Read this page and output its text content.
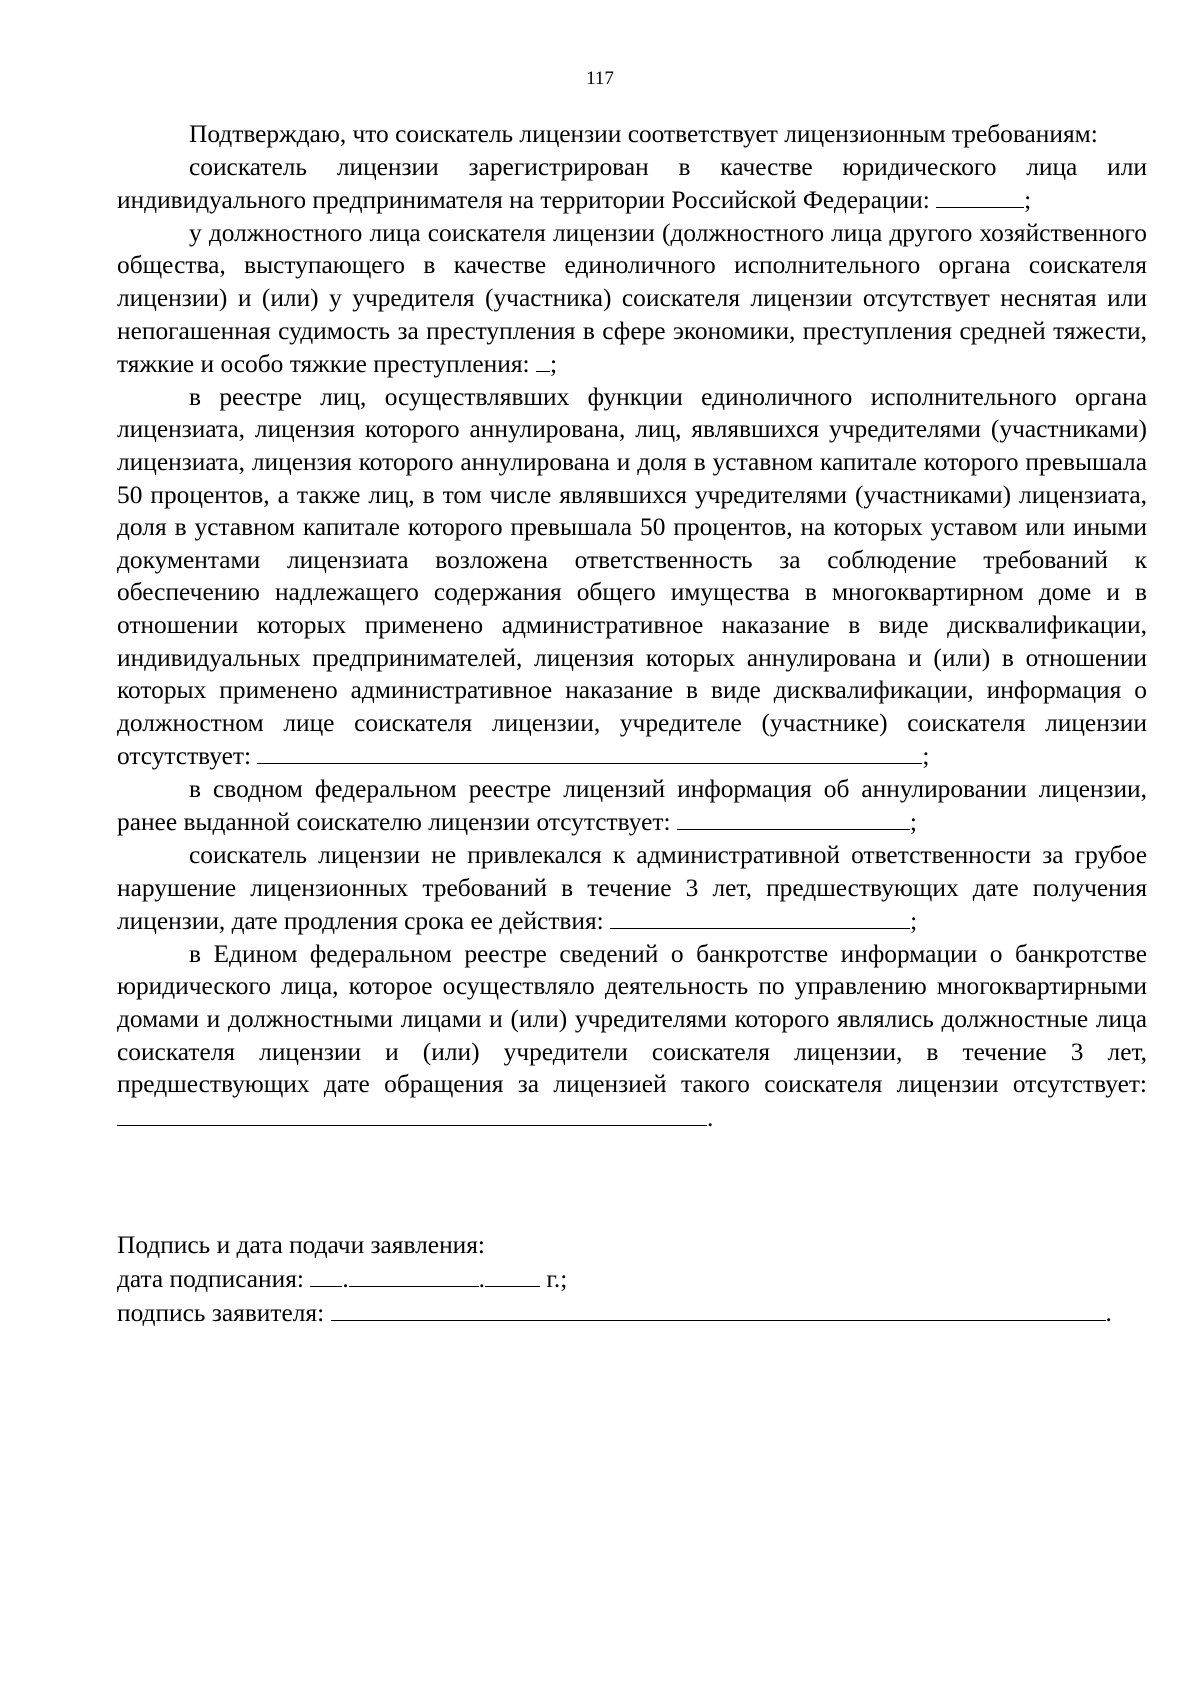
117

Подтверждаю, что соискатель лицензии соответствует лицензионным требованиям:

соискатель лицензии зарегистрирован в качестве юридического лица или индивидуального предпринимателя на территории Российской Федерации:	;

у должностного лица соискателя лицензии (должностного лица другого хозяйственного общества, выступающего в качестве единоличного исполнительного органа соискателя лицензии) и (или) у учредителя (участника) соискателя лицензии отсутствует неснятая или непогашенная судимость за преступления в сфере экономики, преступления средней тяжести, тяжкие и особо тяжкие преступления: ;

в реестре лиц, осуществлявших функции единоличного исполнительного органа лицензиата, лицензия которого аннулирована, лиц, являвшихся учредителями (участниками) лицензиата, лицензия которого аннулирована и доля в уставном капитале которого превышала 50 процентов, а также лиц, в том числе являвшихся учредителями (участниками) лицензиата, доля в уставном капитале которого превышала 50 процентов, на которых уставом или иными документами лицензиата возложена ответственность за соблюдение требований к обеспечению надлежащего содержания общего имущества в многоквартирном доме и в отношении которых применено административное наказание в виде дисквалификации, индивидуальных предпринимателей, лицензия которых аннулирована и (или) в отношении которых применено административное наказание в виде дисквалификации, информация о должностном лице соискателя лицензии, учредителе (участнике) соискателя лицензии отсутствует:	;

в сводном федеральном реестре лицензий информация об аннулировании лицензии, ранее выданной соискателю лицензии отсутствует:	;

соискатель лицензии не привлекался к административной ответственности за грубое нарушение лицензионных требований в течение 3 лет, предшествующих дате получения лицензии, дате продления срока ее действия:	;

в Едином федеральном реестре сведений о банкротстве информации о банкротстве юридического лица, которое осуществляло деятельность по управлению многоквартирными домами и должностными лицами и (или) учредителями которого являлись должностные лица соискателя лицензии и (или) учредители соискателя лицензии, в течение 3 лет, предшествующих дате обращения за лицензией такого соискателя лицензии отсутствует: .

Подпись и дата подачи заявления:

дата подписания: .	. г.;

подпись заявителя:	.
